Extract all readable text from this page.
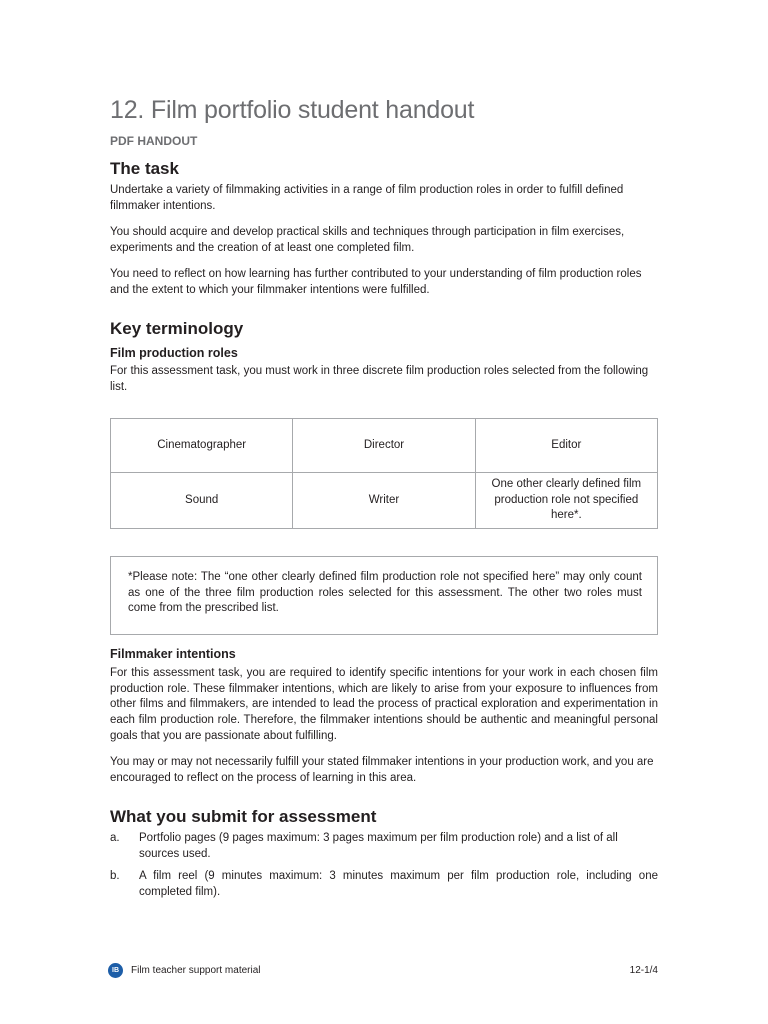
12. Film portfolio student handout
PDF HANDOUT
The task

Undertake a variety of filmmaking activities in a range of film production roles in order to fulfill defined filmmaker intentions.

You should acquire and develop practical skills and techniques through participation in film exercises, experiments and the creation of at least one completed film.

You need to reflect on how learning has further contributed to your understanding of film production roles and the extent to which your filmmaker intentions were fulfilled.

Key terminology
Film production roles

For this assessment task, you must work in three discrete film production roles selected from the following list.

Cinematographer	Director	Editor
Sound	Writer	One other clearly defined film production role not specified here*.

*Please note: The “one other clearly defined film production role not specified here” may only count as one of the three film production roles selected for this assessment. The other two roles must come from the prescribed list.

Filmmaker intentions

For this assessment task, you are required to identify specific intentions for your work in each chosen film production role. These filmmaker intentions, which are likely to arise from your exposure to influences from other films and filmmakers, are intended to lead the process of practical exploration and experimentation in each film production role. Therefore, the filmmaker intentions should be authentic and meaningful personal goals that you are passionate about fulfilling.

You may or may not necessarily fulfill your stated filmmaker intentions in your production work, and you are encouraged to reflect on the process of learning in this area.

What you submit for assessment
a. Portfolio pages (9 pages maximum: 3 pages maximum per film production role) and a list of all sources used.
b. A film reel (9 minutes maximum: 3 minutes maximum per film production role, including one completed film).
IB	Film teacher support material	12-1/4
